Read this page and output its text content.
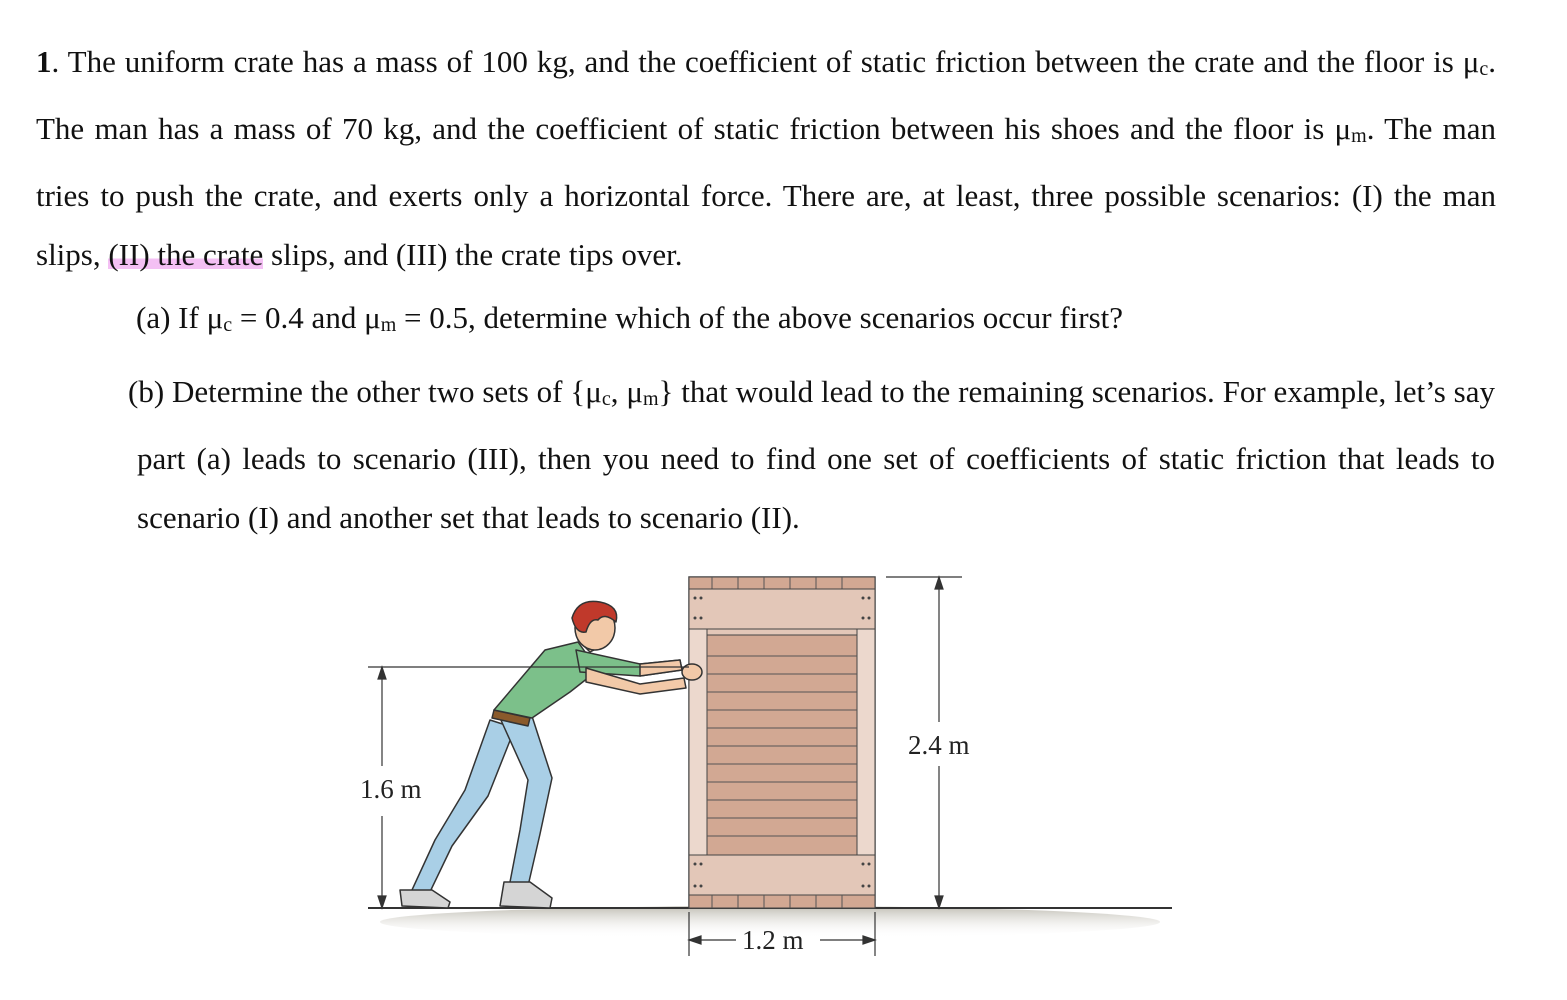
1. The uniform crate has a mass of 100 kg, and the coefficient of static friction between the crate and the floor is $\mu_c$. The man has a mass of 70 kg, and the coefficient of static friction between his shoes and the floor is $\mu_m$. The man tries to push the crate, and exerts only a horizontal force. There are, at least, three possible scenarios: (I) the man slips, (II) the crate slips, and (III) the crate tips over.

(a) If $\mu_c = 0.4$ and $\mu_m = 0.5$, determine which of the above scenarios occur first?

(b) Determine the other two sets of {$\mu_c$, $\mu_m$} that would lead to the remaining scenarios. For example, let’s say part (a) leads to scenario (III), then you need to find one set of coefficients of static friction that leads to scenario (I) and another set that leads to scenario (II).

1.6 m
2.4 m
1.2 m
